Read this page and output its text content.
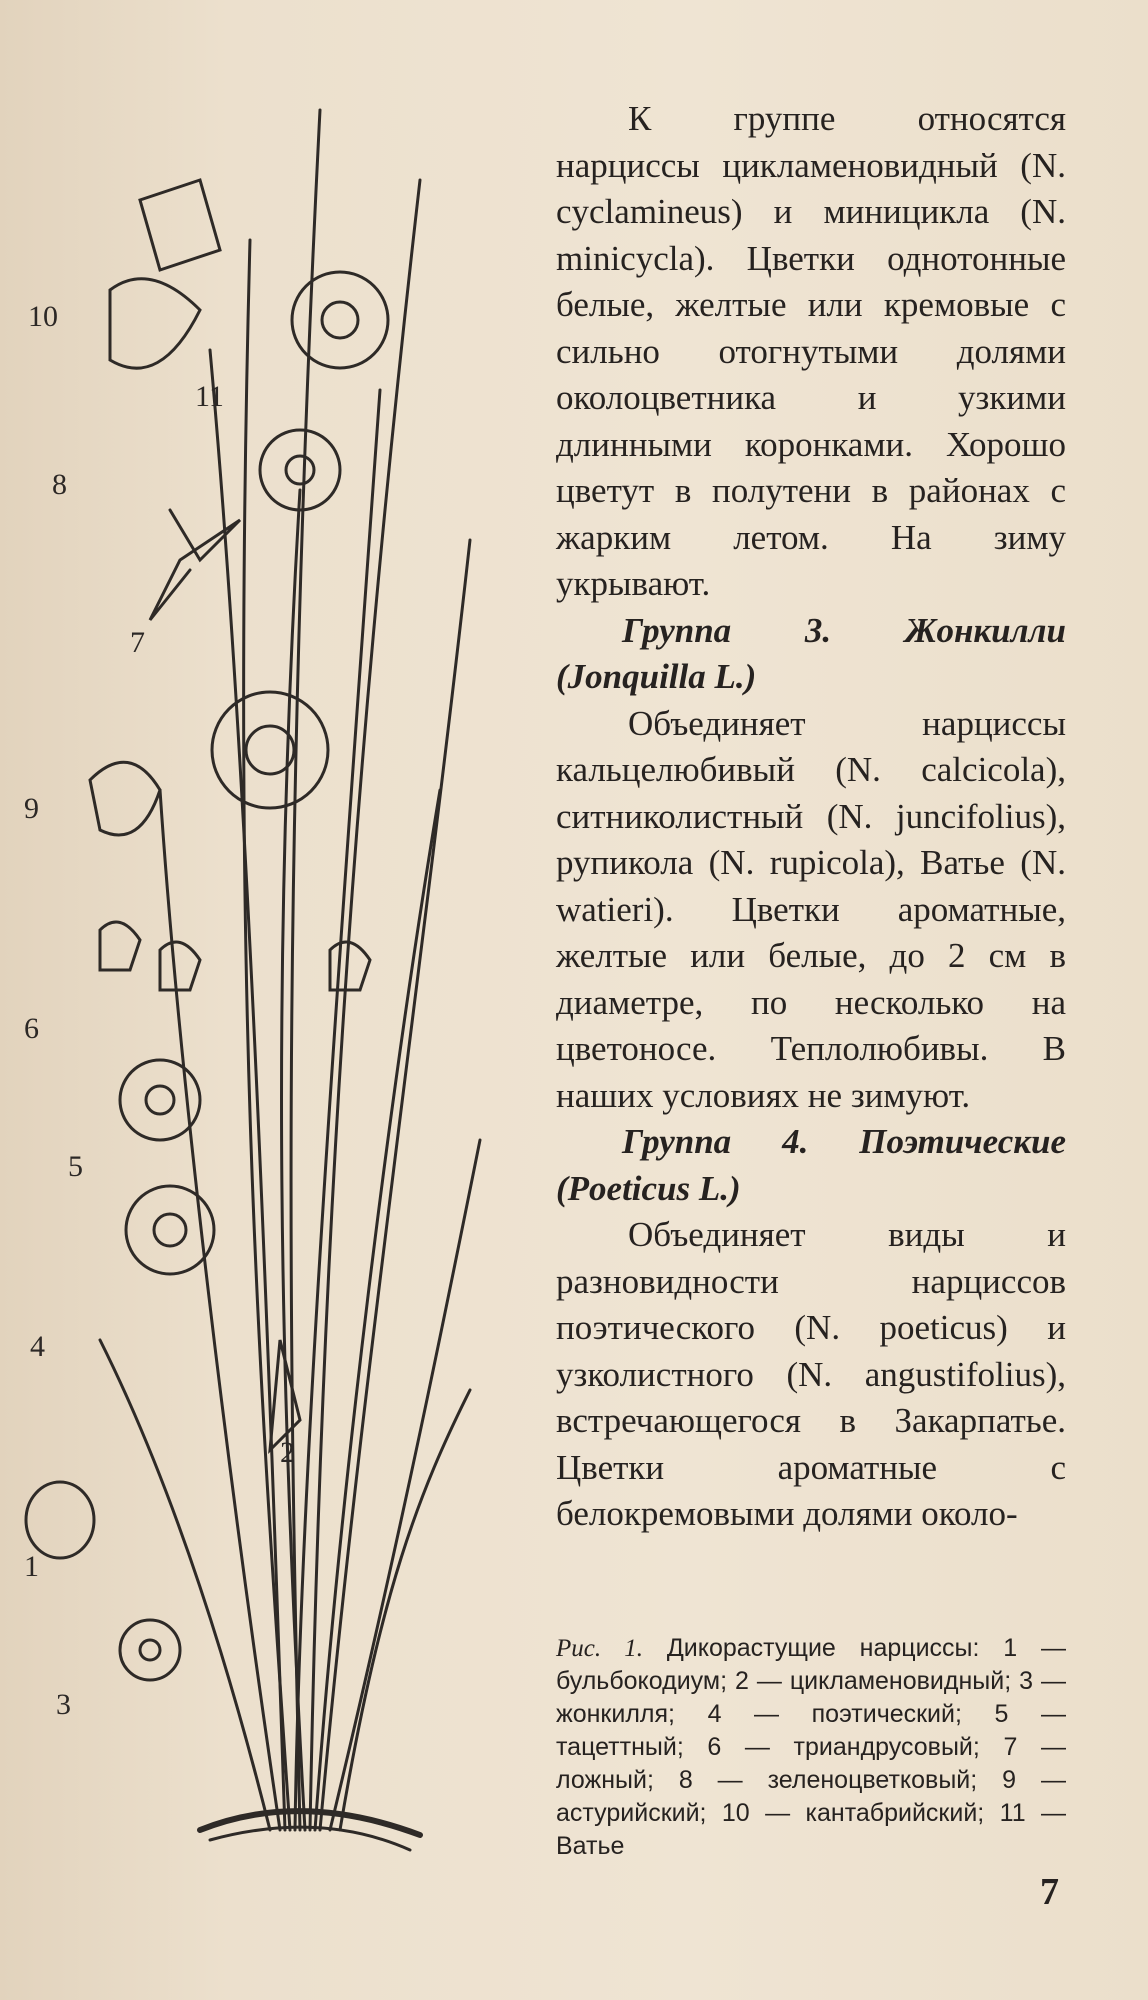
10
11
8
7
9
6
5
4
2
1
3

К группе относятся нарциссы цикламеновидный (N. cyclamineus) и миницикла (N. minicycla). Цветки однотонные белые, желтые или кремовые с сильно отогнутыми долями околоцветника и узкими длинными коронками. Хорошо цветут в полутени в районах с жарким летом. На зиму укрывают.

Группа 3. Жонкилли (Jonquilla L.)

Объединяет нарциссы кальцелюбивый (N. calcicola), ситниколистный (N. juncifolius), рупикола (N. rupicola), Ватье (N. watieri). Цветки ароматные, желтые или белые, до 2 см в диаметре, по несколько на цветоносе. Теплолюбивы. В наших условиях не зимуют.

Группа 4. Поэтические (Poeticus L.)

Объединяет виды и разновидности нарциссов поэтического (N. poeticus) и узколистного (N. angustifolius), встречающегося в Закарпатье. Цветки ароматные с белокремовыми долями около-

Рис. 1. Дикорастущие нарциссы: 1 — бульбокодиум; 2 — цикламеновидный; 3 — жонкилля; 4 — поэтический; 5 — тацеттный; 6 — триандрусовый; 7 — ложный; 8 — зеленоцветковый; 9 — астурийский; 10 — кантабрийский; 11 — Ватье
7
